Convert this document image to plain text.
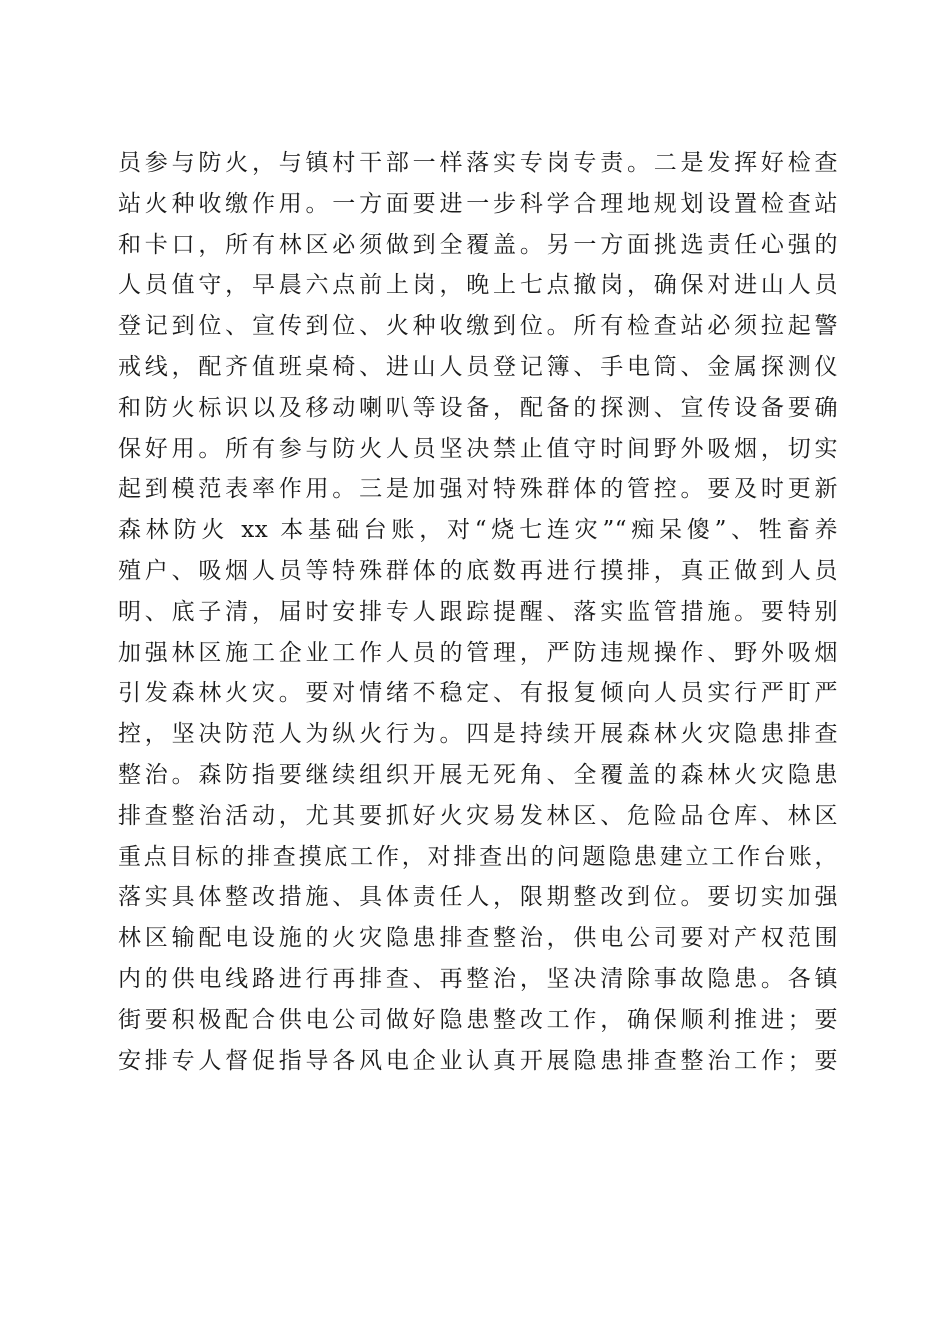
员参与防火，与镇村干部一样落实专岗专责。二是发挥好检查
站火种收缴作用。一方面要进一步科学合理地规划设置检查站
和卡口，所有林区必须做到全覆盖。另一方面挑选责任心强的
人员值守，早晨六点前上岗，晚上七点撤岗，确保对进山人员
登记到位、宣传到位、火种收缴到位。所有检查站必须拉起警
戒线，配齐值班桌椅、进山人员登记簿、手电筒、金属探测仪
和防火标识以及移动喇叭等设备，配备的探测、宣传设备要确
保好用。所有参与防火人员坚决禁止值守时间野外吸烟，切实
起到模范表率作用。三是加强对特殊群体的管控。要及时更新
森林防火 xx 本基础台账，对“烧七连灾”“痴呆傻”、牲畜养
殖户、吸烟人员等特殊群体的底数再进行摸排，真正做到人员
明、底子清，届时安排专人跟踪提醒、落实监管措施。要特别
加强林区施工企业工作人员的管理，严防违规操作、野外吸烟
引发森林火灾。要对情绪不稳定、有报复倾向人员实行严盯严
控，坚决防范人为纵火行为。四是持续开展森林火灾隐患排查
整治。森防指要继续组织开展无死角、全覆盖的森林火灾隐患
排查整治活动，尤其要抓好火灾易发林区、危险品仓库、林区
重点目标的排查摸底工作，对排查出的问题隐患建立工作台账，
落实具体整改措施、具体责任人，限期整改到位。要切实加强
林区输配电设施的火灾隐患排查整治，供电公司要对产权范围
内的供电线路进行再排查、再整治，坚决清除事故隐患。各镇
街要积极配合供电公司做好隐患整改工作，确保顺利推进；要
安排专人督促指导各风电企业认真开展隐患排查整治工作；要
